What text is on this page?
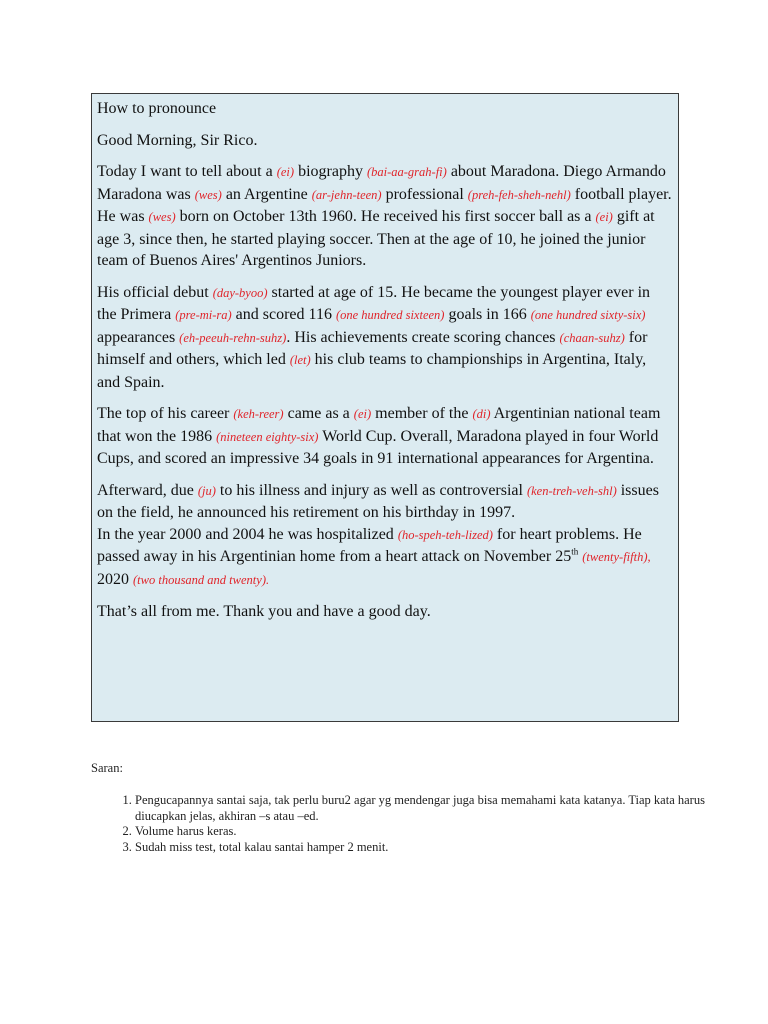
How to pronounce

Good Morning, Sir Rico.

Today I want to tell about a (ei) biography (bai-aa-grah-fi) about Maradona. Diego Armando Maradona was (wes) an Argentine (ar-jehn-teen) professional (preh-feh-sheh-nehl) football player. He was (wes) born on October 13th 1960. He received his first soccer ball as a (ei) gift at age 3, since then, he started playing soccer. Then at the age of 10, he joined the junior team of Buenos Aires' Argentinos Juniors.

His official debut (day-byoo) started at age of 15. He became the youngest player ever in the Primera (pre-mi-ra) and scored 116 (one hundred sixteen) goals in 166 (one hundred sixty-six) appearances (eh-peeuh-rehn-suhz). His achievements create scoring chances (chaan-suhz) for himself and others, which led (let) his club teams to championships in Argentina, Italy, and Spain.

The top of his career (keh-reer) came as a (ei) member of the (di) Argentinian national team that won the 1986 (nineteen eighty-six) World Cup. Overall, Maradona played in four World Cups, and scored an impressive 34 goals in 91 international appearances for Argentina.

Afterward, due (ju) to his illness and injury as well as controversial (ken-treh-veh-shl) issues on the field, he announced his retirement on his birthday in 1997.

In the year 2000 and 2004 he was hospitalized (ho-speh-teh-lized) for heart problems. He passed away in his Argentinian home from a heart attack on November 25th (twenty-fifth), 2020 (two thousand and twenty).

That’s all from me. Thank you and have a good day.

Saran:
1. Pengucapannya santai saja, tak perlu buru2 agar yg mendengar juga bisa memahami kata katanya. Tiap kata harus diucapkan jelas, akhiran –s atau –ed.
2. Volume harus keras.
3. Sudah miss test, total kalau santai hamper 2 menit.
